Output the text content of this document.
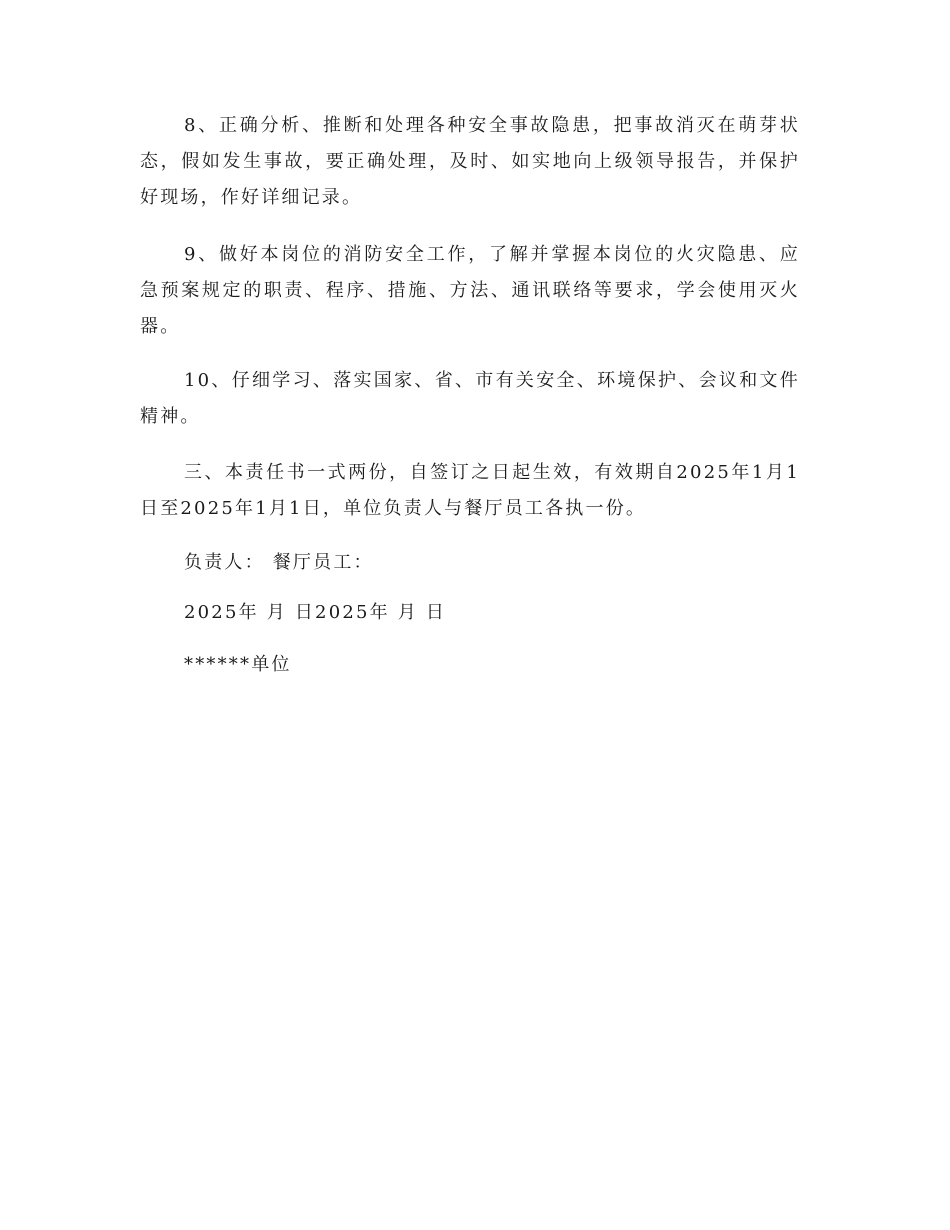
8、正确分析、推断和处理各种安全事故隐患，把事故消灭在萌芽状态，假如发生事故，要正确处理，及时、如实地向上级领导报告，并保护好现场，作好详细记录。

9、做好本岗位的消防安全工作，了解并掌握本岗位的火灾隐患、应急预案规定的职责、程序、措施、方法、通讯联络等要求，学会使用灭火器。

10、仔细学习、落实国家、省、市有关安全、环境保护、会议和文件精神。

三、本责任书一式两份，自签订之日起生效，有效期自2025年1月1日至2025年1月1日，单位负责人与餐厅员工各执一份。

负责人： 餐厅员工：

2025年 月 日2025年 月 日

******单位
